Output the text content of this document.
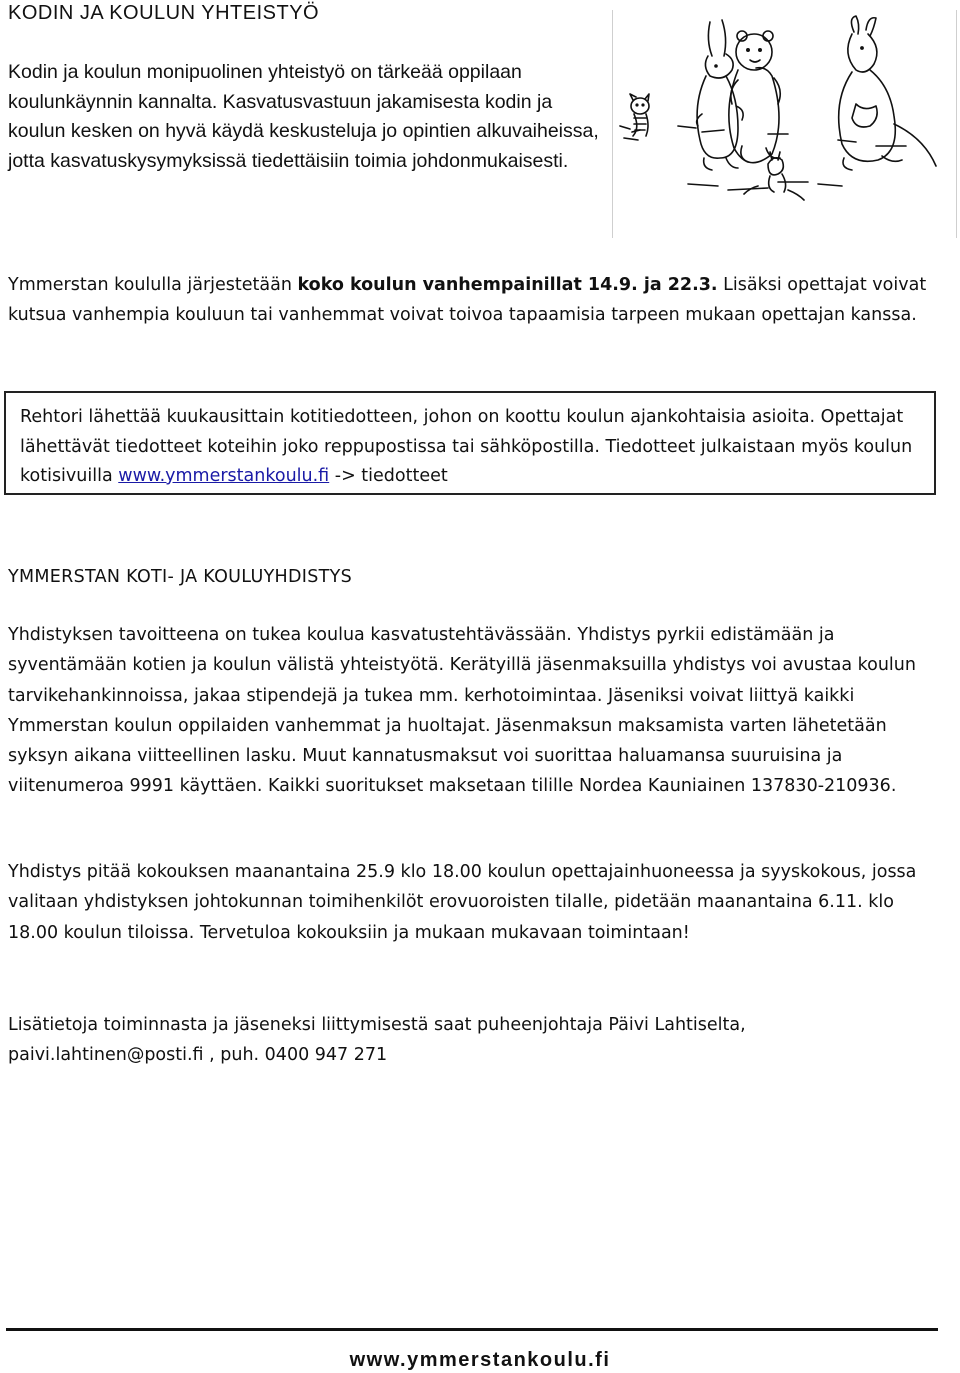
KODIN JA KOULUN YHTEISTYÖ
Kodin ja koulun monipuolinen yhteistyö on tärkeää oppilaan koulunkäynnin kannalta. Kasvatusvastuun jakamisesta kodin ja koulun kesken on hyvä käydä keskusteluja jo opintien alkuvaiheissa, jotta kasvatuskysymyksissä tiedettäisiin toimia johdonmukaisesti.
Ymmerstan koululla järjestetään koko koulun vanhempainillat 14.9. ja 22.3. Lisäksi opettajat voivat kutsua vanhempia kouluun tai vanhemmat voivat toivoa tapaamisia tarpeen mukaan opettajan kanssa.
Rehtori lähettää kuukausittain kotitiedotteen, johon on koottu koulun ajankohtaisia asioita. Opettajat lähettävät tiedotteet koteihin joko reppupostissa tai sähköpostilla. Tiedotteet julkaistaan myös koulun kotisivuilla www.ymmerstankoulu.fi -> tiedotteet
YMMERSTAN KOTI- JA KOULUYHDISTYS
Yhdistyksen tavoitteena on tukea koulua kasvatustehtävässään. Yhdistys pyrkii edistämään ja syventämään kotien ja koulun välistä yhteistyötä. Kerätyillä jäsenmaksuilla yhdistys voi avustaa koulun tarvikehankinnoissa, jakaa stipendejä ja tukea mm. kerhotoimintaa. Jäseniksi voivat liittyä kaikki Ymmerstan koulun oppilaiden vanhemmat ja huoltajat. Jäsenmaksun maksamista varten lähetetään syksyn aikana viitteellinen lasku. Muut kannatusmaksut voi suorittaa haluamansa suuruisina ja viitenumeroa 9991 käyttäen. Kaikki suoritukset maksetaan tilille Nordea Kauniainen 137830-210936.
Yhdistys pitää kokouksen maanantaina 25.9 klo 18.00 koulun opettajainhuoneessa ja syyskokous, jossa valitaan yhdistyksen johtokunnan toimihenkilöt erovuoroisten tilalle, pidetään maanantaina 6.11. klo 18.00 koulun tiloissa. Tervetuloa kokouksiin ja mukaan mukavaan toimintaan!
Lisätietoja toiminnasta ja jäseneksi liittymisestä saat puheenjohtaja Päivi Lahtiselta, paivi.lahtinen@posti.fi , puh. 0400 947 271
www.ymmerstankoulu.fi
